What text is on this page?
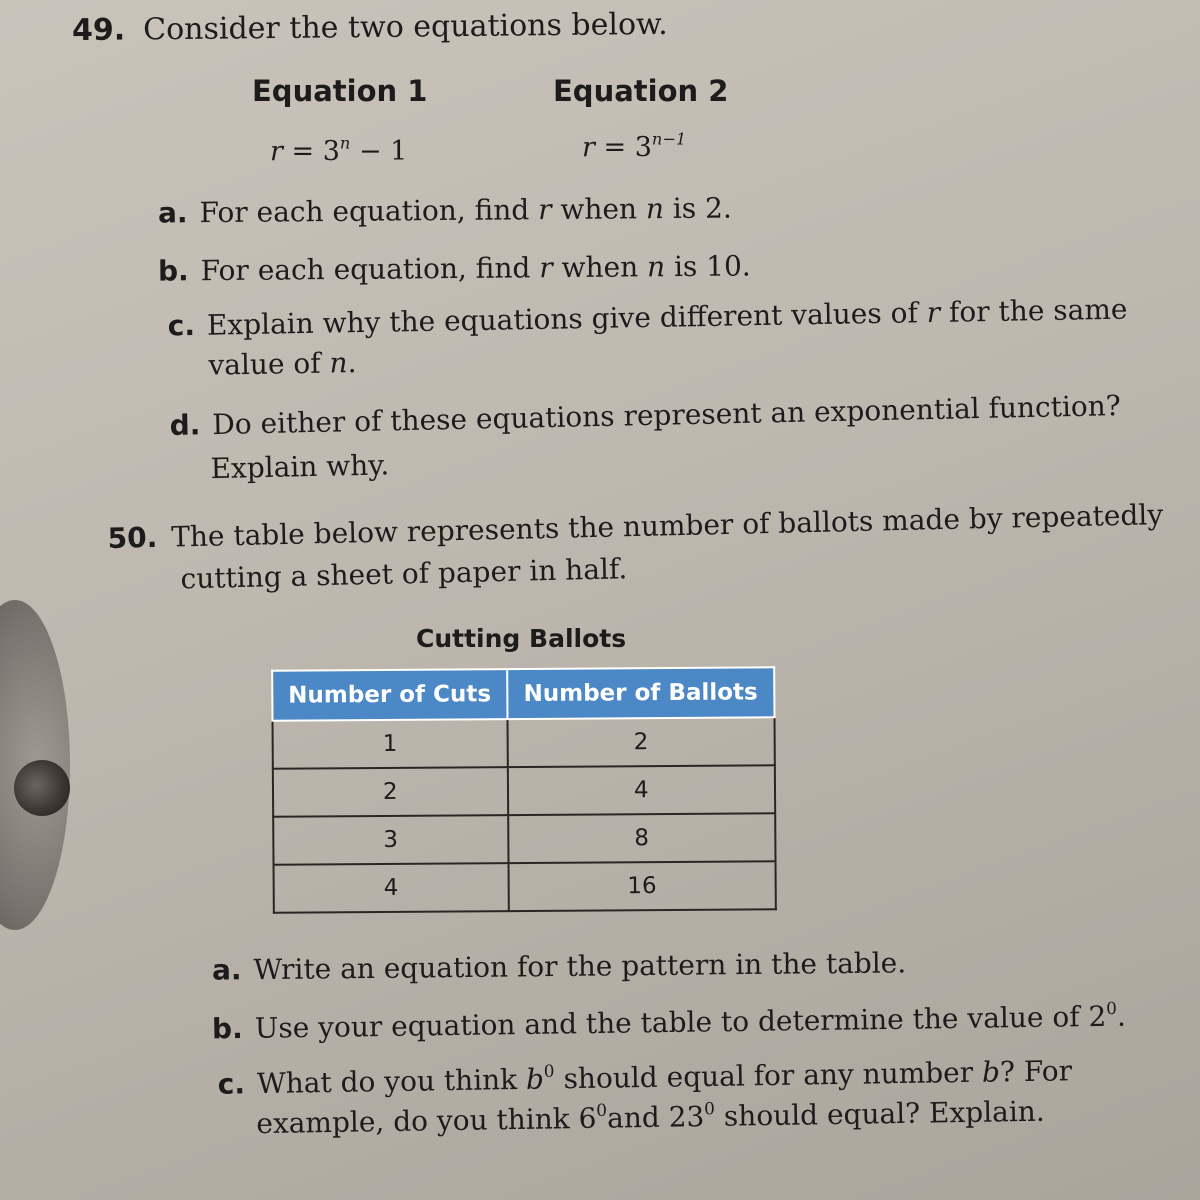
49. Consider the two equations below.
Equation 1	Equation 2
$r = 3^n - 1$	$r = 3^{n-1}$
a. For each equation, find r when n is 2.
b. For each equation, find r when n is 10.
c. Explain why the equations give different values of r for the same
value of n.
d. Do either of these equations represent an exponential function?
Explain why.
50. The table below represents the number of ballots made by repeatedly
cutting a sheet of paper in half.
Cutting Ballots
Number of Cuts	Number of Ballots
1	2
2	4
3	8
4	16
a. Write an equation for the pattern in the table.
b. Use your equation and the table to determine the value of $2^0$.
c. What do you think $b^0$ should equal for any number b? For
example, do you think $6^0and$ $23^0$ should equal? Explain.
